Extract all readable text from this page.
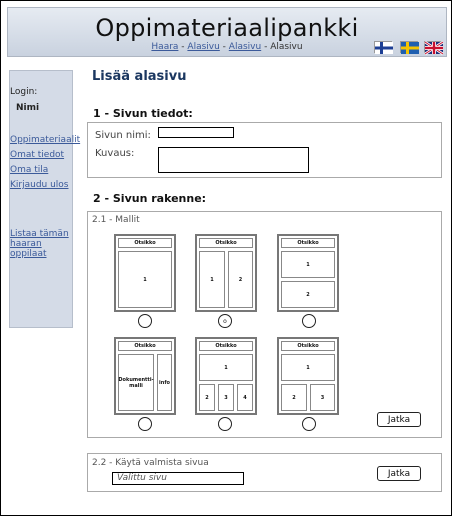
Oppimateriaalipankki
Haara - Alasivu - Alasivu - Alasivu
Login:
Nimi
Oppimateriaalit
Omat tiedot
Oma tila
Kirjaudu ulos
Listaa tämän haaran oppilaat
Lisää alasivu
1 - Sivun tiedot:
Sivun nimi:
Kuvaus:
2 - Sivun rakenne:
2.1 - Mallit
Otsikko
1
Otsikko
1	2
o
Otsikko
1
2
Otsikko
Dokumentti-malli	info
Otsikko
1
2	3	4
Otsikko
1
2	3
Jatka
2.2 - Käytä valmista sivua
Valittu sivu	Jatka
